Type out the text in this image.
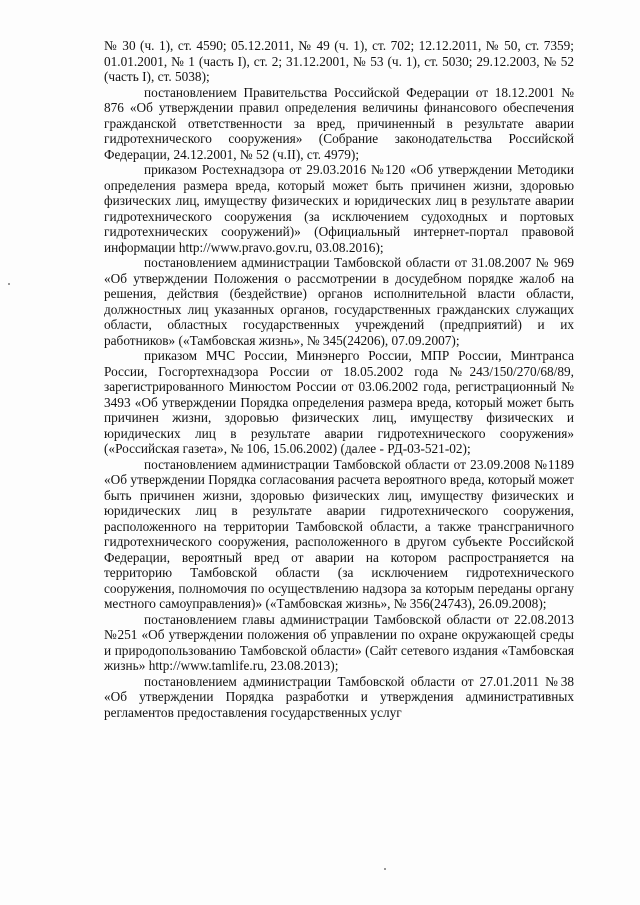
№ 30 (ч. 1), ст. 4590; 05.12.2011, № 49 (ч. 1), ст. 702; 12.12.2011, № 50, ст. 7359; 01.01.2001, № 1 (часть I), ст. 2; 31.12.2001, № 53 (ч. 1), ст. 5030; 29.12.2003, № 52 (часть I), ст. 5038);

постановлением Правительства Российской Федерации от 18.12.2001 № 876 «Об утверждении правил определения величины финансового обеспечения гражданской ответственности за вред, причиненный в результате аварии гидротехнического сооружения» (Собрание законодательства Российской Федерации, 24.12.2001, № 52 (ч.II), ст. 4979);

приказом Ростехнадзора от 29.03.2016 №120 «Об утверждении Методики определения размера вреда, который может быть причинен жизни, здоровью физических лиц, имуществу физических и юридических лиц в результате аварии гидротехнического сооружения (за исключением судоходных и портовых гидротехнических сооружений)» (Официальный интернет-портал правовой информации http://www.pravo.gov.ru, 03.08.2016);

постановлением администрации Тамбовской области от 31.08.2007 № 969 «Об утверждении Положения о рассмотрении в досудебном порядке жалоб на решения, действия (бездействие) органов исполнительной власти области, должностных лиц указанных органов, государственных гражданских служащих области, областных государственных учреждений (предприятий) и их работников» («Тамбовская жизнь», № 345(24206), 07.09.2007);

приказом МЧС России, Минэнерго России, МПР России, Минтранса России, Госгортехнадзора России от 18.05.2002 года №243/150/270/68/89, зарегистрированного Минюстом России от 03.06.2002 года, регистрационный № 3493 «Об утверждении Порядка определения размера вреда, который может быть причинен жизни, здоровью физических лиц, имуществу физических и юридических лиц в результате аварии гидротехнического сооружения» («Российская газета», № 106, 15.06.2002) (далее - РД-03-521-02);

постановлением администрации Тамбовской области от 23.09.2008 №1189 «Об утверждении Порядка согласования расчета вероятного вреда, который может быть причинен жизни, здоровью физических лиц, имуществу физических и юридических лиц в результате аварии гидротехнического сооружения, расположенного на территории Тамбовской области, а также трансграничного гидротехнического сооружения, расположенного в другом субъекте Российской Федерации, вероятный вред от аварии на котором распространяется на территорию Тамбовской области (за исключением гидротехнического сооружения, полномочия по осуществлению надзора за которым переданы органу местного самоуправления)» («Тамбовская жизнь», № 356(24743), 26.09.2008);

постановлением главы администрации Тамбовской области от 22.08.2013 №251 «Об утверждении положения об управлении по охране окружающей среды и природопользованию Тамбовской области» (Сайт сетевого издания «Тамбовская жизнь» http://www.tamlife.ru, 23.08.2013);

постановлением администрации Тамбовской области от 27.01.2011 №38 «Об утверждении Порядка разработки и утверждения административных регламентов предоставления государственных услуг
